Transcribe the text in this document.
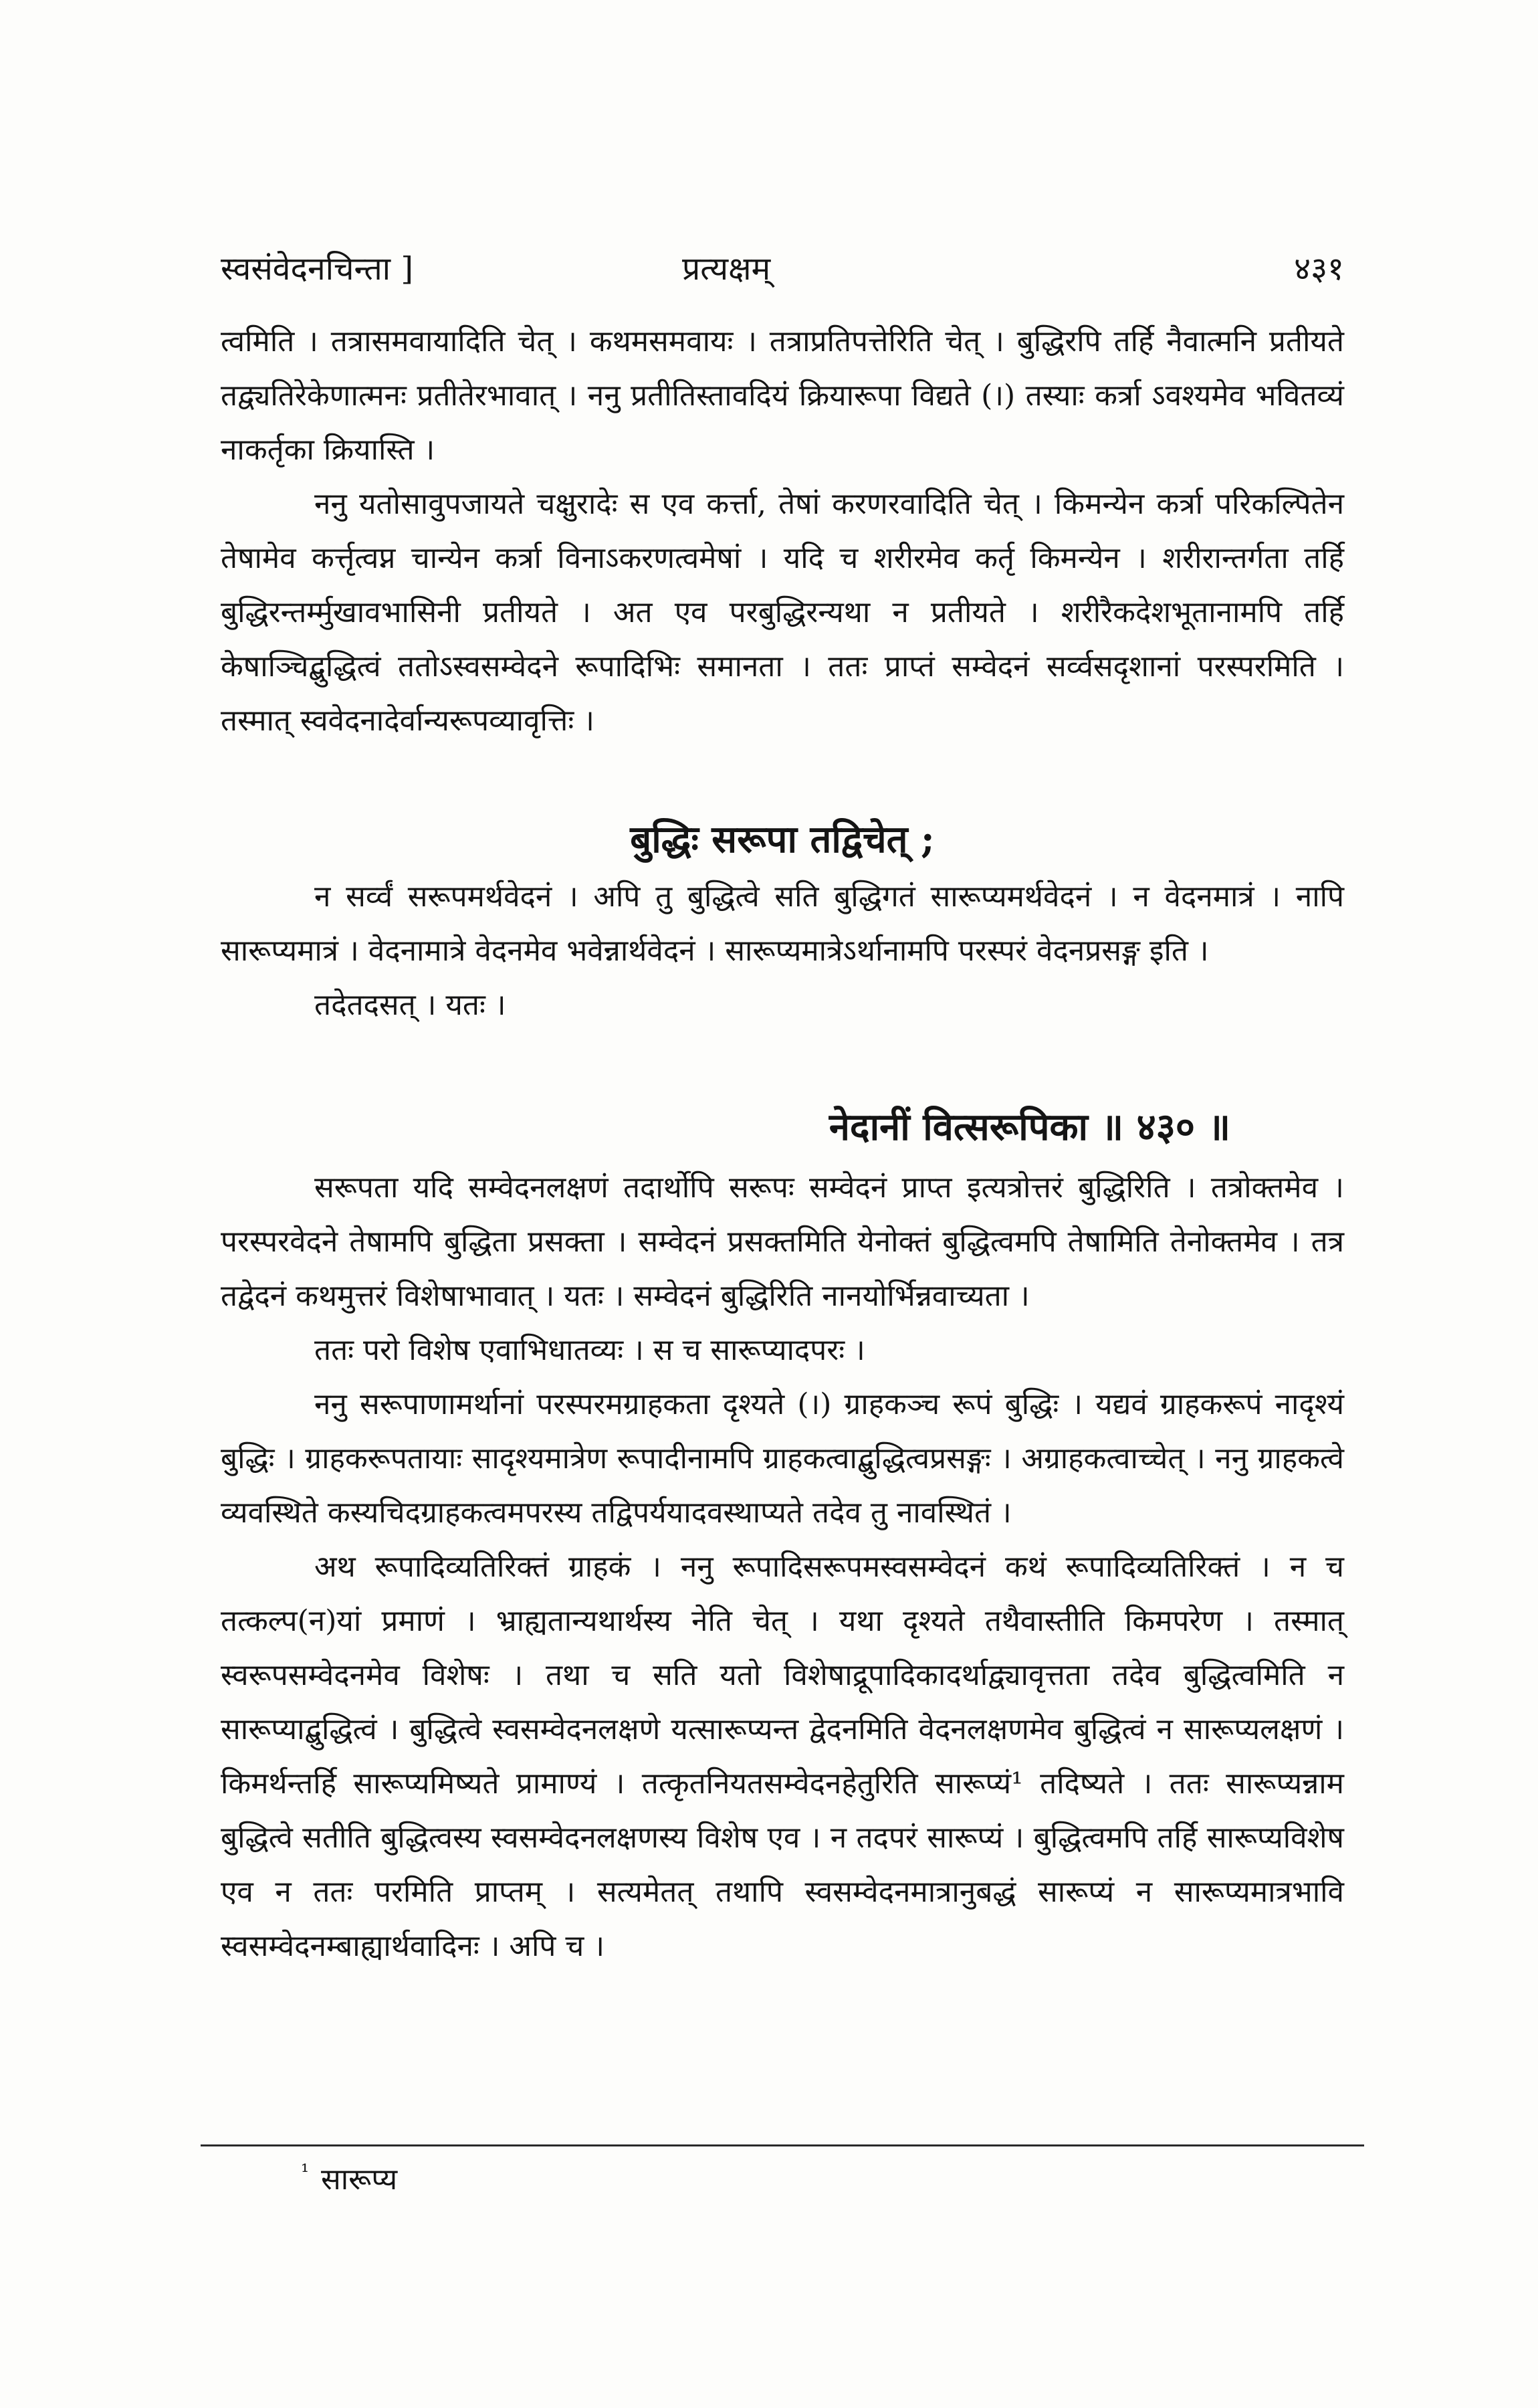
स्वसंवेदनचिन्ता ]	प्रत्यक्षम्	४३१

त्वमिति । तत्रासमवायादिति चेत् । कथमसमवायः । तत्राप्रतिपत्तेरिति चेत् । बुद्धिरपि तर्हि नैवात्मनि प्रतीयते तद्व्यतिरेकेणात्मनः प्रतीतेरभावात् । ननु प्रतीतिस्तावदियं क्रियारूपा विद्यते (।) तस्याः कर्त्रा ऽवश्यमेव भवितव्यं नाकर्तृका क्रियास्ति ।

ननु यतोसावुपजायते चक्षुरादेः स एव कर्त्ता, तेषां करणरवादिति चेत् । किमन्येन कर्त्रा परिकल्पितेन तेषामेव कर्त्तृत्वप्न चान्येन कर्त्रा विनाऽकरणत्वमेषां । यदि च शरीरमेव कर्तृ किमन्येन । शरीरान्तर्गता तर्हि बुद्धिरन्तर्म्मुखावभासिनी प्रतीयते । अत एव परबुद्धिरन्यथा न प्रतीयते । शरीरैकदेशभूतानामपि तर्हि केषाञ्चिद्बुद्धित्वं ततोऽस्वसम्वेदने रूपादिभिः समानता । ततः प्राप्तं सम्वेदनं सर्व्वसदृशानां परस्परमिति । तस्मात् स्ववेदनादेर्वान्यरूपव्यावृत्तिः ।

बुद्धिः सरूपा तद्विचेत् ;

न सर्व्वं सरूपमर्थवेदनं । अपि तु बुद्धित्वे सति बुद्धिगतं सारूप्यमर्थवेदनं । न वेदनमात्रं । नापि सारूप्यमात्रं । वेदनामात्रे वेदनमेव भवेन्नार्थवेदनं । सारूप्यमात्रेऽर्थानामपि परस्परं वेदनप्रसङ्ग इति ।

तदेतदसत् । यतः ।

नेदानीं वित्सरूपिका ॥ ४३० ॥

सरूपता यदि सम्वेदनलक्षणं तदार्थोपि सरूपः सम्वेदनं प्राप्त इत्यत्रोत्तरं बुद्धिरिति । तत्रोक्तमेव । परस्परवेदने तेषामपि बुद्धिता प्रसक्ता । सम्वेदनं प्रसक्तमिति येनोक्तं बुद्धित्वमपि तेषामिति तेनोक्तमेव । तत्र तद्वेदनं कथमुत्तरं विशेषाभावात् । यतः । सम्वेदनं बुद्धिरिति नानयोर्भिन्नवाच्यता ।

ततः परो विशेष एवाभिधातव्यः । स च सारूप्यादपरः ।

ननु सरूपाणामर्थानां परस्परमग्राहकता दृश्यते (।) ग्राहकञ्च रूपं बुद्धिः । यद्यवं ग्राहकरूपं नादृश्यं बुद्धिः । ग्राहकरूपतायाः सादृश्यमात्रेण रूपादीनामपि ग्राहकत्वाद्बुद्धित्वप्रसङ्गः । अग्राहकत्वाच्चेत् । ननु ग्राहकत्वे व्यवस्थिते कस्यचिदग्राहकत्वमपरस्य तद्विपर्ययादवस्थाप्यते तदेव तु नावस्थितं ।

अथ रूपादिव्यतिरिक्तं ग्राहकं । ननु रूपादिसरूपमस्वसम्वेदनं कथं रूपादिव्यतिरिक्तं । न च तत्कल्प(न)यां प्रमाणं । भ्राह्यतान्यथार्थस्य नेति चेत् । यथा दृश्यते तथैवास्तीति किमपरेण । तस्मात् स्वरूपसम्वेदनमेव विशेषः । तथा च सति यतो विशेषाद्रूपादिकादर्थाद्व्यावृत्तता तदेव बुद्धित्वमिति न सारूप्याद्बुद्धित्वं । बुद्धित्वे स्वसम्वेदनलक्षणे यत्सारूप्यन्त द्वेदनमिति वेदनलक्षणमेव बुद्धित्वं न सारूप्यलक्षणं । किमर्थन्तर्हि सारूप्यमिष्यते प्रामाण्यं । तत्कृतनियतसम्वेदनहेतुरिति सारूप्यं¹ तदिष्यते । ततः सारूप्यन्नाम बुद्धित्वे सतीति बुद्धित्वस्य स्वसम्वेदनलक्षणस्य विशेष एव । न तदपरं सारूप्यं । बुद्धित्वमपि तर्हि सारूप्यविशेष एव न ततः परमिति प्राप्तम् । सत्यमेतत् तथापि स्वसम्वेदनमात्रानुबद्धं सारूप्यं न सारूप्यमात्रभावि स्वसम्वेदनम्बाह्यार्थवादिनः । अपि च ।

$^{^1}$ सारूप्य
